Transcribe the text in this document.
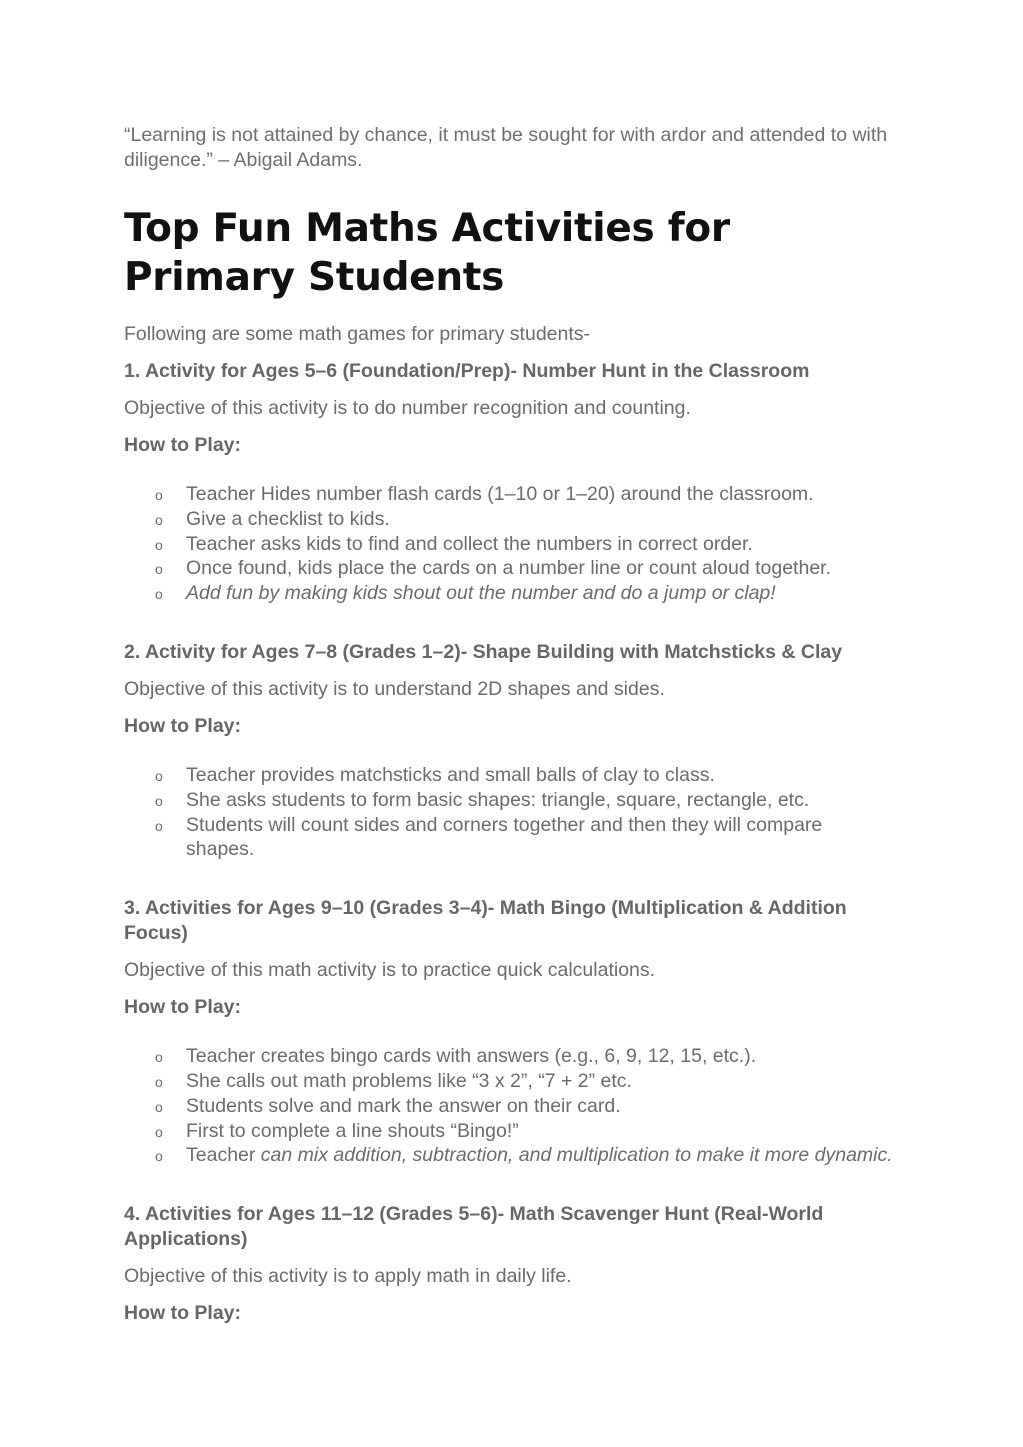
“Learning is not attained by chance, it must be sought for with ardor and attended to with diligence.” – Abigail Adams.

Top Fun Maths Activities for Primary Students

Following are some math games for primary students-

1. Activity for Ages 5–6 (Foundation/Prep)- Number Hunt in the Classroom
Objective of this activity is to do number recognition and counting.
How to Play:
o Teacher Hides number flash cards (1–10 or 1–20) around the classroom.
o Give a checklist to kids.
o Teacher asks kids to find and collect the numbers in correct order.
o Once found, kids place the cards on a number line or count aloud together.
o Add fun by making kids shout out the number and do a jump or clap!
2. Activity for Ages 7–8 (Grades 1–2)- Shape Building with Matchsticks & Clay
Objective of this activity is to understand 2D shapes and sides.
How to Play:
o Teacher provides matchsticks and small balls of clay to class.
o She asks students to form basic shapes: triangle, square, rectangle, etc.
o Students will count sides and corners together and then they will compare shapes.
3. Activities for Ages 9–10 (Grades 3–4)- Math Bingo (Multiplication & Addition Focus)
Objective of this math activity is to practice quick calculations.
How to Play:
o Teacher creates bingo cards with answers (e.g., 6, 9, 12, 15, etc.).
o She calls out math problems like “3 x 2”, “7 + 2” etc.
o Students solve and mark the answer on their card.
o First to complete a line shouts “Bingo!”
o Teacher can mix addition, subtraction, and multiplication to make it more dynamic.
4. Activities for Ages 11–12 (Grades 5–6)- Math Scavenger Hunt (Real-World Applications)
Objective of this activity is to apply math in daily life.
How to Play:
